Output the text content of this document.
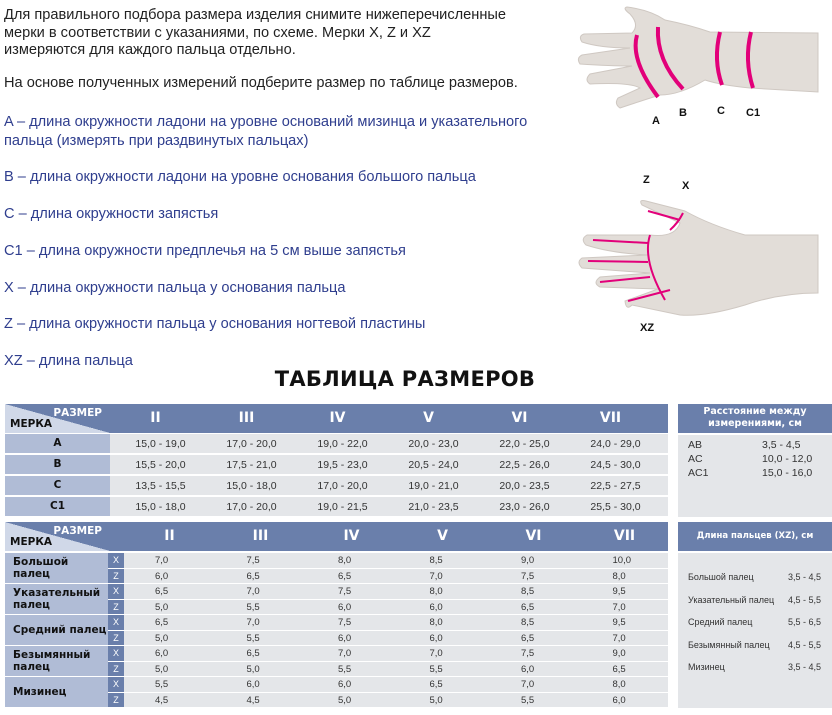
Для правильного подбора размера изделия снимите нижеперечисленные
мерки в соответствии с указаниями, по схеме. Мерки X, Z и XZ
измеряются для каждого пальца отдельно.
На основе полученных измерений подберите размер по таблице размеров.
A – длина окружности ладони на уровне оснований мизинца и указательного
пальца (измерять при раздвинутых пальцах)
B – длина окружности ладони на уровне основания большого пальца
C – длина окружности запястья
C1 – длина окружности предплечья на 5 см выше запястья
X – длина окружности пальца у основания пальца
Z – длина окружности пальца у основания ногтевой пластины
XZ – длина пальца
A
B	C C1
Z	X
XZ
ТАБЛИЦА РАЗМЕРОВ
РАЗМЕР
МЕРКА	II	III	IV	V	VI	VII
A	15,0 - 19,0	17,0 - 20,0	19,0 - 22,0	20,0 - 23,0	22,0 - 25,0	24,0 - 29,0
B	15,5 - 20,0	17,5 - 21,0	19,5 - 23,0	20,5 - 24,0	22,5 - 26,0	24,5 - 30,0
C	13,5 - 15,5	15,0 - 18,0	17,0 - 20,0	19,0 - 21,0	20,0 - 23,5	22,5 - 27,5
C1	15,0 - 18,0	17,0 - 20,0	19,0 - 21,5	21,0 - 23,5	23,0 - 26,0	25,5 - 30,0
Расстояние между
измерениями, см
AB	3,5 - 4,5
AC	10,0 - 12,0
AC1	15,0 - 16,0
РАЗМЕР
МЕРКА	II	III	IV	V	VI	VII
Большой палец
X	7,0	7,5	8,0	8,5	9,0	10,0
Z	6,0	6,5	6,5	7,0	7,5	8,0
Указательный
палец
X	6,5	7,0	7,5	8,0	8,5	9,5
Z	5,0	5,5	6,0	6,0	6,5	7,0
Средний палец
X	6,5	7,0	7,5	8,0	8,5	9,5
Z	5,0	5,5	6,0	6,0	6,5	7,0
Безымянный
палец
X	6,0	6,5	7,0	7,0	7,5	9,0
Z	5,0	5,0	5,5	5,5	6,0	6,5
Мизинец
X	5,5	6,0	6,0	6,5	7,0	8,0
Z	4,5	4,5	5,0	5,0	5,5	6,0
Длина пальцев (XZ), см
Большой палец	3,5 - 4,5
Указательный палец 4,5 - 5,5
Средний палец	5,5 - 6,5
Безымянный палец 4,5 - 5,5
Мизинец	3,5 - 4,5
